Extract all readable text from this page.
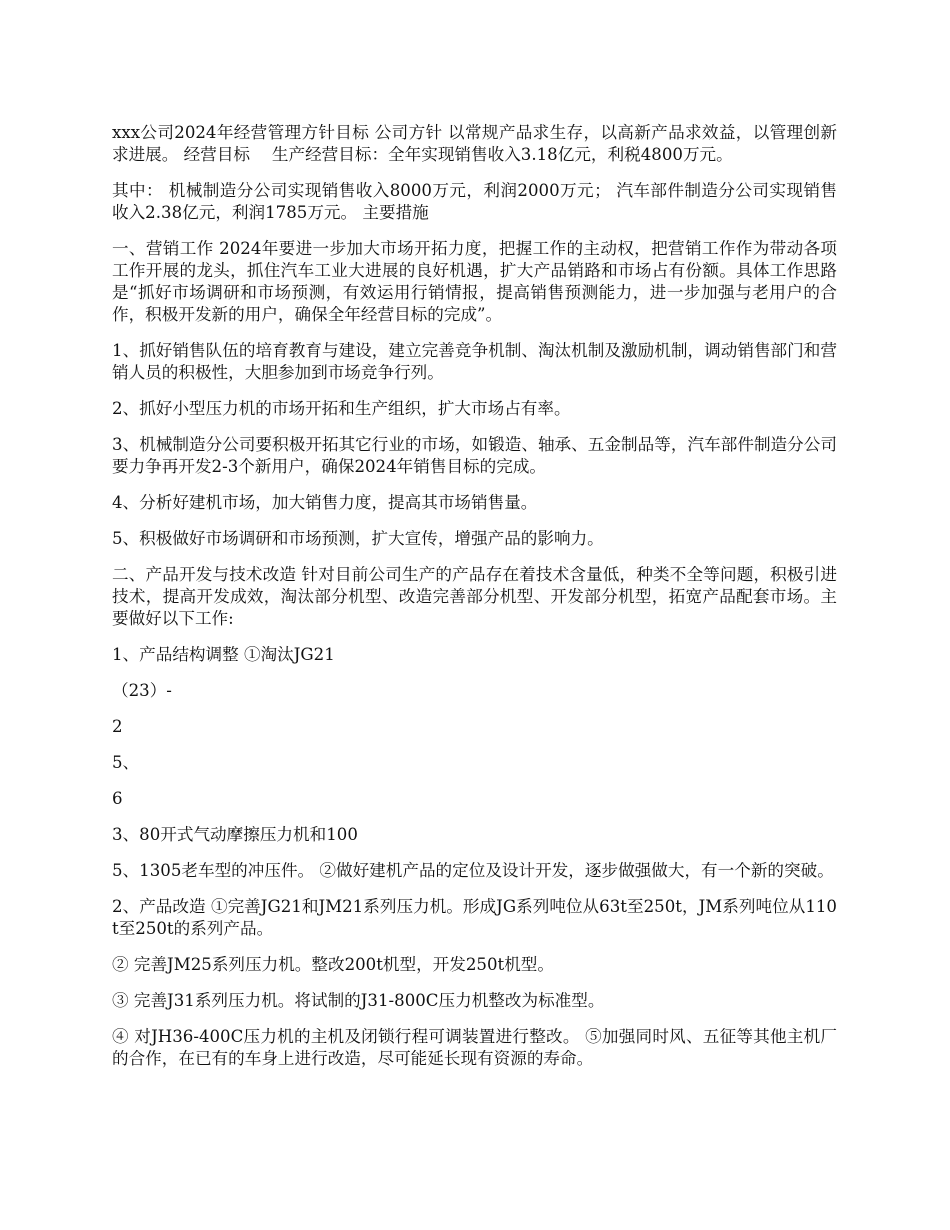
xxx公司2024年经营管理方针目标 公司方针 以常规产品求生存，以高新产品求效益，以管理创新求进展。 经营目标　 生产经营目标：全年实现销售收入3.18亿元，利税4800万元。

其中： 机械制造分公司实现销售收入8000万元，利润2000万元； 汽车部件制造分公司实现销售收入2.38亿元，利润1785万元。 主要措施

一、营销工作 2024年要进一步加大市场开拓力度，把握工作的主动权，把营销工作作为带动各项工作开展的龙头，抓住汽车工业大进展的良好机遇，扩大产品销路和市场占有份额。具体工作思路是“抓好市场调研和市场预测，有效运用行销情报，提高销售预测能力，进一步加强与老用户的合作，积极开发新的用户，确保全年经营目标的完成”。

1、抓好销售队伍的培育教育与建设，建立完善竞争机制、淘汰机制及激励机制，调动销售部门和营销人员的积极性，大胆参加到市场竞争行列。

2、抓好小型压力机的市场开拓和生产组织，扩大市场占有率。

3、机械制造分公司要积极开拓其它行业的市场，如锻造、轴承、五金制品等，汽车部件制造分公司要力争再开发2-3个新用户，确保2024年销售目标的完成。

4、分析好建机市场，加大销售力度，提高其市场销售量。

5、积极做好市场调研和市场预测，扩大宣传，增强产品的影响力。

二、产品开发与技术改造 针对目前公司生产的产品存在着技术含量低，种类不全等问题，积极引进技术，提高开发成效，淘汰部分机型、改造完善部分机型、开发部分机型，拓宽产品配套市场。主要做好以下工作:

1、产品结构调整 ①淘汰JG21

（23）-

2

5、

6

3、80开式气动摩擦压力机和100

5、1305老车型的冲压件。 ②做好建机产品的定位及设计开发，逐步做强做大，有一个新的突破。

2、产品改造 ①完善JG21和JM21系列压力机。形成JG系列吨位从63t至250t，JM系列吨位从110t至250t的系列产品。

② 完善JM25系列压力机。整改200t机型，开发250t机型。

③ 完善J31系列压力机。将试制的J31-800C压力机整改为标准型。

④ 对JH36-400C压力机的主机及闭锁行程可调装置进行整改。 ⑤加强同时风、五征等其他主机厂的合作，在已有的车身上进行改造，尽可能延长现有资源的寿命。
